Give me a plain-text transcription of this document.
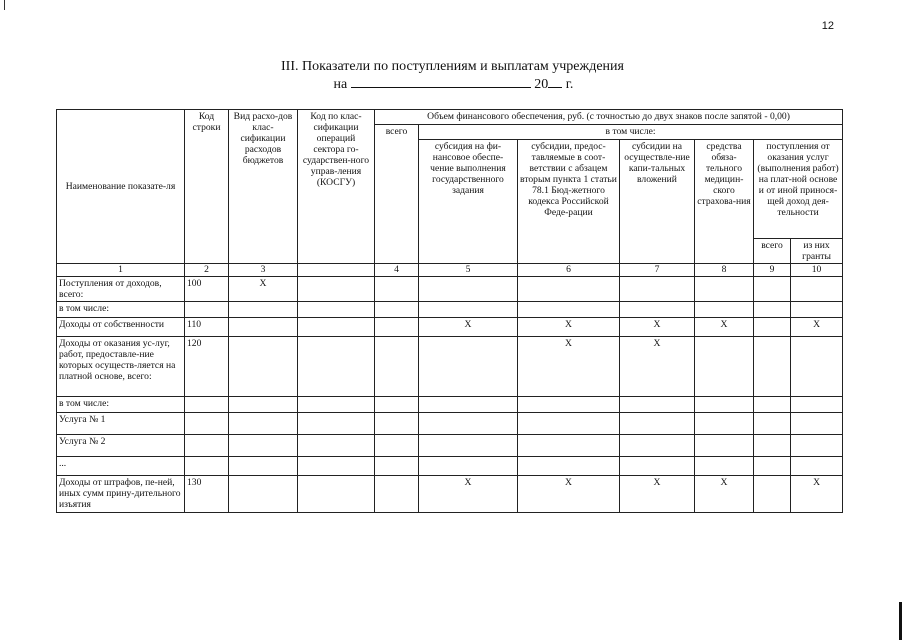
12
III. Показатели по поступлениям и выплатам учреждения
на	20 г.
Наименование показате-ля	Код строки	Вид расхо-дов клас-сификации расходов бюджетов	Код по клас-сификации операций сектора го-сударствен-ного управ-ления (КОСГУ)	Объем финансового обеспечения, руб. (с точностью до двух знаков после запятой - 0,00)						
				всего	в том числе:					
					субсидия на фи-нансовое обеспе-чение выполнения государственного задания	субсидии, предос-тавляемые в соот-ветствии с абзацем вторым пункта 1 статьи 78.1 Бюд-жетного кодекса Российской Феде-рации	субсидии на осуществле-ние капи-тальных вложений	средства обяза-тельного медицин-ского страхова-ния	поступления от оказания услуг (выполнения работ) на плат-ной основе и от иной принося-щей доход дея-тельности	
									всего	из них гранты
1	2	3		4	5	6	7	8	9	10
Поступления от доходов, всего:	100	X								
в том числе:										
Доходы от собственности	110				X	X	X	X		X
Доходы от оказания ус-луг, работ, предоставле-ние которых осуществ-ляется на платной основе, всего:	120					X	X			
в том числе:										
Услуга № 1										
Услуга № 2										
...										
Доходы от штрафов, пе-ней, иных сумм прину-дительного изъятия	130				X	X	X	X		X
